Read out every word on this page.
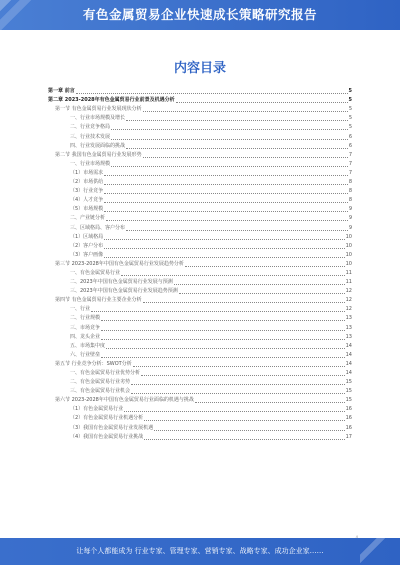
有色金属贸易企业快速成长策略研究报告
内容目录
第一章 前言	5
第二章 2023-2028年有色金属贸易行业前景及机遇分析	5
第一节 有色金属贸易行业发展现状分析	5
一、行业市场规模及增长	5
二、行业竞争格局	5
三、行业技术发展	6
四、行业发展面临的挑战	6
第二节 我国有色金属贸易行业发展形势	7
一、行业市场规模	7
（1）市场需求	7
（2）市场供给	8
（3）行业竞争	8
（4）人才竞争	8
（5）市场规模	9
二、产业链分析	9
三、区域格局、客户分布	9
（1）区域格局	10
（2）客户分布	10
（3）客户画像	10
第三节 2023-2028年中国有色金属贸易行业发展趋势分析	10
一、有色金属贸易行业	11
二、2023年中国有色金属贸易行业发展与预测	11
三、2023年中国有色金属贸易行业发展趋势预测	12
第四节 有色金属贸易行业主要企业分析	12
一、行业	12
二、行业规模	13
三、市场竞争	13
四、龙头企业	13
五、市场集中度	14
六、行业壁垒	14
第五节 行业竞争分析：SWOT分析	14
一、有色金属贸易行业优势分析	14
二、有色金属贸易行业劣势	15
三、有色金属贸易行业机会	15
第六节 2023-2028年中国有色金属贸易行业面临的机遇与挑战	15
（1）有色金属贸易行业	16
（2）有色金属贸易行业机遇分析	16
（3）我国有色金属贸易行业发展机遇	16
（4）我国有色金属贸易行业挑战	17
让每个人都能成为 行业专家、管理专家、营销专家、战略专家、成功企业家……
